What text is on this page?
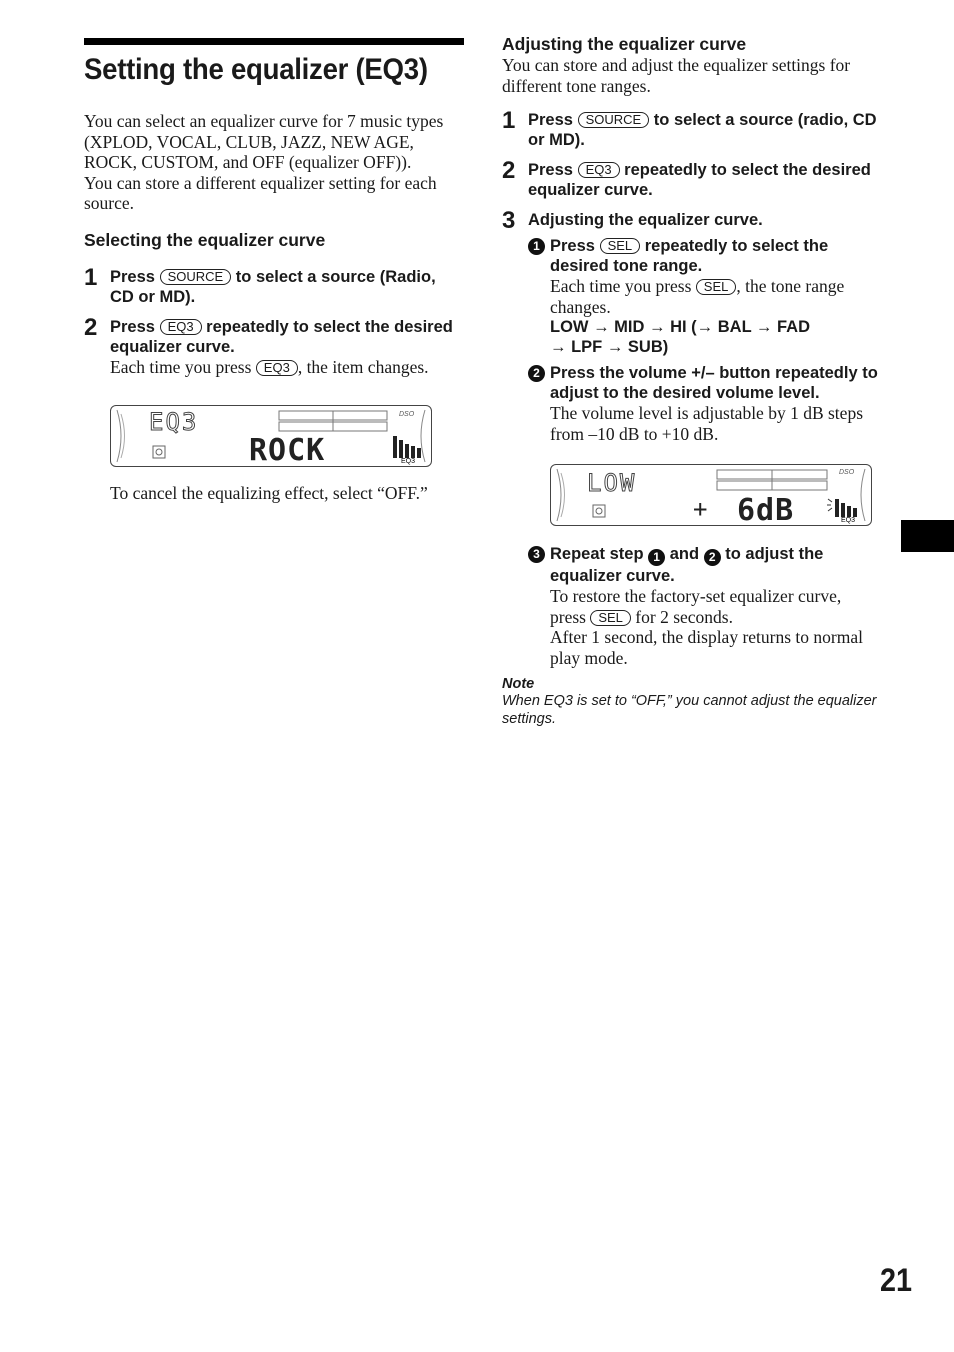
Setting the equalizer (EQ3)
You can select an equalizer curve for 7 music types (XPLOD, VOCAL, CLUB, JAZZ, NEW AGE, ROCK, CUSTOM, and OFF (equalizer OFF)).
You can store a different equalizer setting for each source.
Selecting the equalizer curve
1 Press SOURCE to select a source (Radio, CD or MD).
2 Press EQ3 repeatedly to select the desired equalizer curve.
Each time you press EQ3 , the item changes.
EQ3	DSO
ROCK	EQ3
To cancel the equalizing effect, select “OFF.”
Adjusting the equalizer curve
You can store and adjust the equalizer settings for different tone ranges.
1 Press SOURCE to select a source (radio, CD or MD).
2 Press EQ3 repeatedly to select the desired equalizer curve.
3 Adjusting the equalizer curve.
1 Press SEL repeatedly to select the desired tone range.
Each time you press SEL , the tone range changes.
LOW → MID → HI (→ BAL → FAD
→ LPF → SUB)
2 Press the volume +/– button repeatedly to adjust to the desired volume level.
The volume level is adjustable by 1 dB steps from –10 dB to +10 dB.
LOW	DSO
+ 6dB	EQ3
3 Repeat step 1 and 2 to adjust the equalizer curve.
To restore the factory-set equalizer curve, press SEL for 2 seconds.
After 1 second, the display returns to normal play mode.
Note
When EQ3 is set to “OFF,” you cannot adjust the equalizer settings.
21
